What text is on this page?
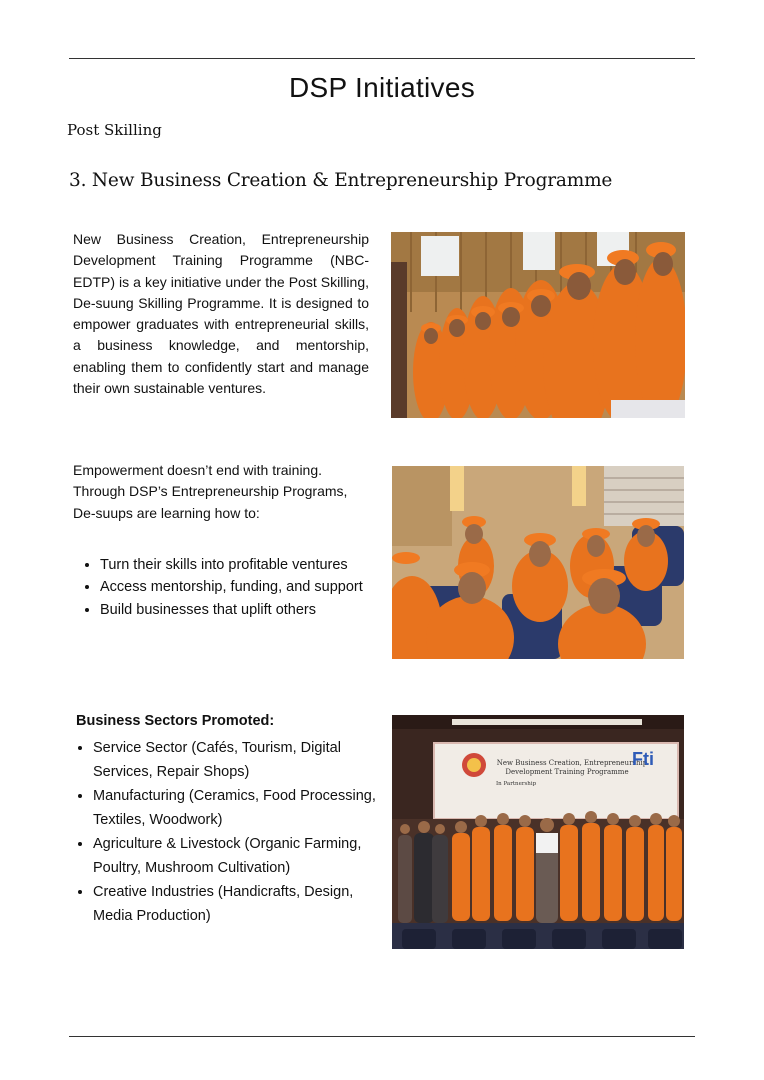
DSP Initiatives
Post Skilling
3. New Business Creation & Entrepreneurship Programme

New Business Creation, Entrepreneurship Development Training Programme (NBC-EDTP) is a key initiative under the Post Skilling, De-suung Skilling Programme. It is designed to empower graduates with entrepreneurial skills, a business knowledge, and mentorship, enabling them to confidently start and manage their own sustainable ventures.

Empowerment doesn’t end with training. Through DSP’s Entrepreneurship Programs, De-suups are learning how to:

• Turn their skills into profitable ventures
• Access mentorship, funding, and support
• Build businesses that uplift others
Business Sectors Promoted:
• Service Sector (Cafés, Tourism, Digital Services, Repair Shops)
• Manufacturing (Ceramics, Food Processing, Textiles, Woodwork)
• Agriculture & Livestock (Organic Farming, Poultry, Mushroom Cultivation)
• Creative Industries (Handicrafts, Design, Media Production)
New Business Creation, Entrepreneurship
Development Training Programme
In Partnership
Fti
